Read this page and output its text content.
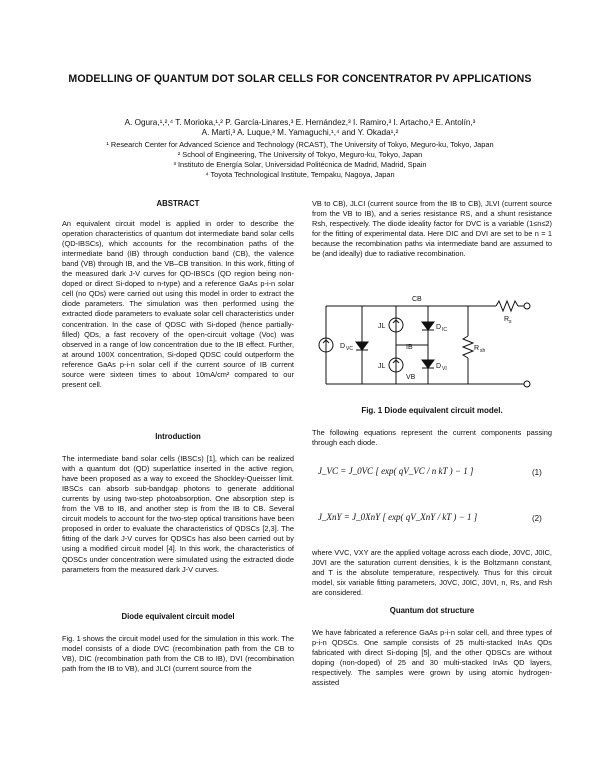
MODELLING OF QUANTUM DOT SOLAR CELLS FOR CONCENTRATOR PV APPLICATIONS
A. Ogura,¹,²,⁴ T. Morioka,¹,² P. García-Linares,³ E. Hernández,³ I. Ramiro,³ I. Artacho,³ E. Antolín,³
A. Martí,³ A. Luque,³ M. Yamaguchi,¹,⁴ and Y. Okada¹,²
¹ Research Center for Advanced Science and Technology (RCAST), The University of Tokyo, Meguro-ku, Tokyo, Japan
² School of Engineering, The University of Tokyo, Meguro-ku, Tokyo, Japan
³ Instituto de Energía Solar, Universidad Politécnica de Madrid, Madrid, Spain
⁴ Toyota Technological Institute, Tempaku, Nagoya, Japan

ABSTRACT

An equivalent circuit model is applied in order to describe the operation characteristics of quantum dot intermediate band solar cells (QD-IBSCs), which accounts for the recombination paths of the intermediate band (IB) through conduction band (CB), the valence band (VB) through IB, and the VB–CB transition. In this work, fitting of the measured dark J-V curves for QD-IBSCs (QD region being non-doped or direct Si-doped to n-type) and a reference GaAs p-i-n solar cell (no QDs) were carried out using this model in order to extract the diode parameters. The simulation was then performed using the extracted diode parameters to evaluate solar cell characteristics under concentration. In the case of QDSC with Si-doped (hence partially-filled) QDs, a fast recovery of the open-circuit voltage (Voc) was observed in a range of low concentration due to the IB effect. Further, at around 100X concentration, Si-doped QDSC could outperform the reference GaAs p-i-n solar cell if the current source of IB current source were sixteen times to about 10mA/cm² compared to our present cell.

Introduction

The intermediate band solar cells (IBSCs) [1], which can be realized with a quantum dot (QD) superlattice inserted in the active region, have been proposed as a way to exceed the Shockley-Queisser limit. IBSCs can absorb sub-bandgap photons to generate additional currents by using two-step photoabsorption. One absorption step is from the VB to IB, and another step is from the IB to CB. Several circuit models to account for the two-step optical transitions have been proposed in order to evaluate the characteristics of QDSCs [2,3]. The fitting of the dark J-V curves for QDSCs has also been carried out by using a modified circuit model [4]. In this work, the characteristics of QDSCs under concentration were simulated using the extracted diode parameters from the measured dark J-V curves.

Diode equivalent circuit model

Fig. 1 shows the circuit model used for the simulation in this work. The model consists of a diode DVC (recombination path from the CB to VB), DIC (recombination path from the CB to IB), DVI (recombination path from the IB to VB), and JLCI (current source from the

VB to CB), JLCI (current source from the IB to CB), JLVI (current source from the VB to IB), and a series resistance RS, and a shunt resistance Rsh, respectively. The diode ideality factor for DVC is a variable (1≤n≤2) for the fitting of experimental data. Here DIC and DVI are set to be n = 1 because the recombination paths via intermediate band are assumed to be (and ideally) due to radiative recombination.

CB
IB
VB
JL
JL
D
D
R
R
D
s
sh
VC
IC
VI
Fig. 1 Diode equivalent circuit model.
The following equations represent the current components passing through each diode.
J_VC = J_0VC [ exp( qV_VC / n kT ) − 1 ]	(1)
J_XnY = J_0XnY [ exp( qV_XnY / kT ) − 1 ]	(2)
where VVC, VXY are the applied voltage across each diode, J0VC, J0IC, J0VI are the saturation current densities, k is the Boltzmann constant, and T is the absolute temperature, respectively. Thus for this circuit model, six variable fitting parameters, J0VC, J0IC, J0VI, n, Rs, and Rsh are considered.

Quantum dot structure

We have fabricated a reference GaAs p-i-n solar cell, and three types of p-i-n QDSCs. One sample consists of 25 multi-stacked InAs QDs fabricated with direct Si-doping [5], and the other QDSCs are without doping (non-doped) of 25 and 30 multi-stacked InAs QD layers, respectively. The samples were grown by using atomic hydrogen-assisted
